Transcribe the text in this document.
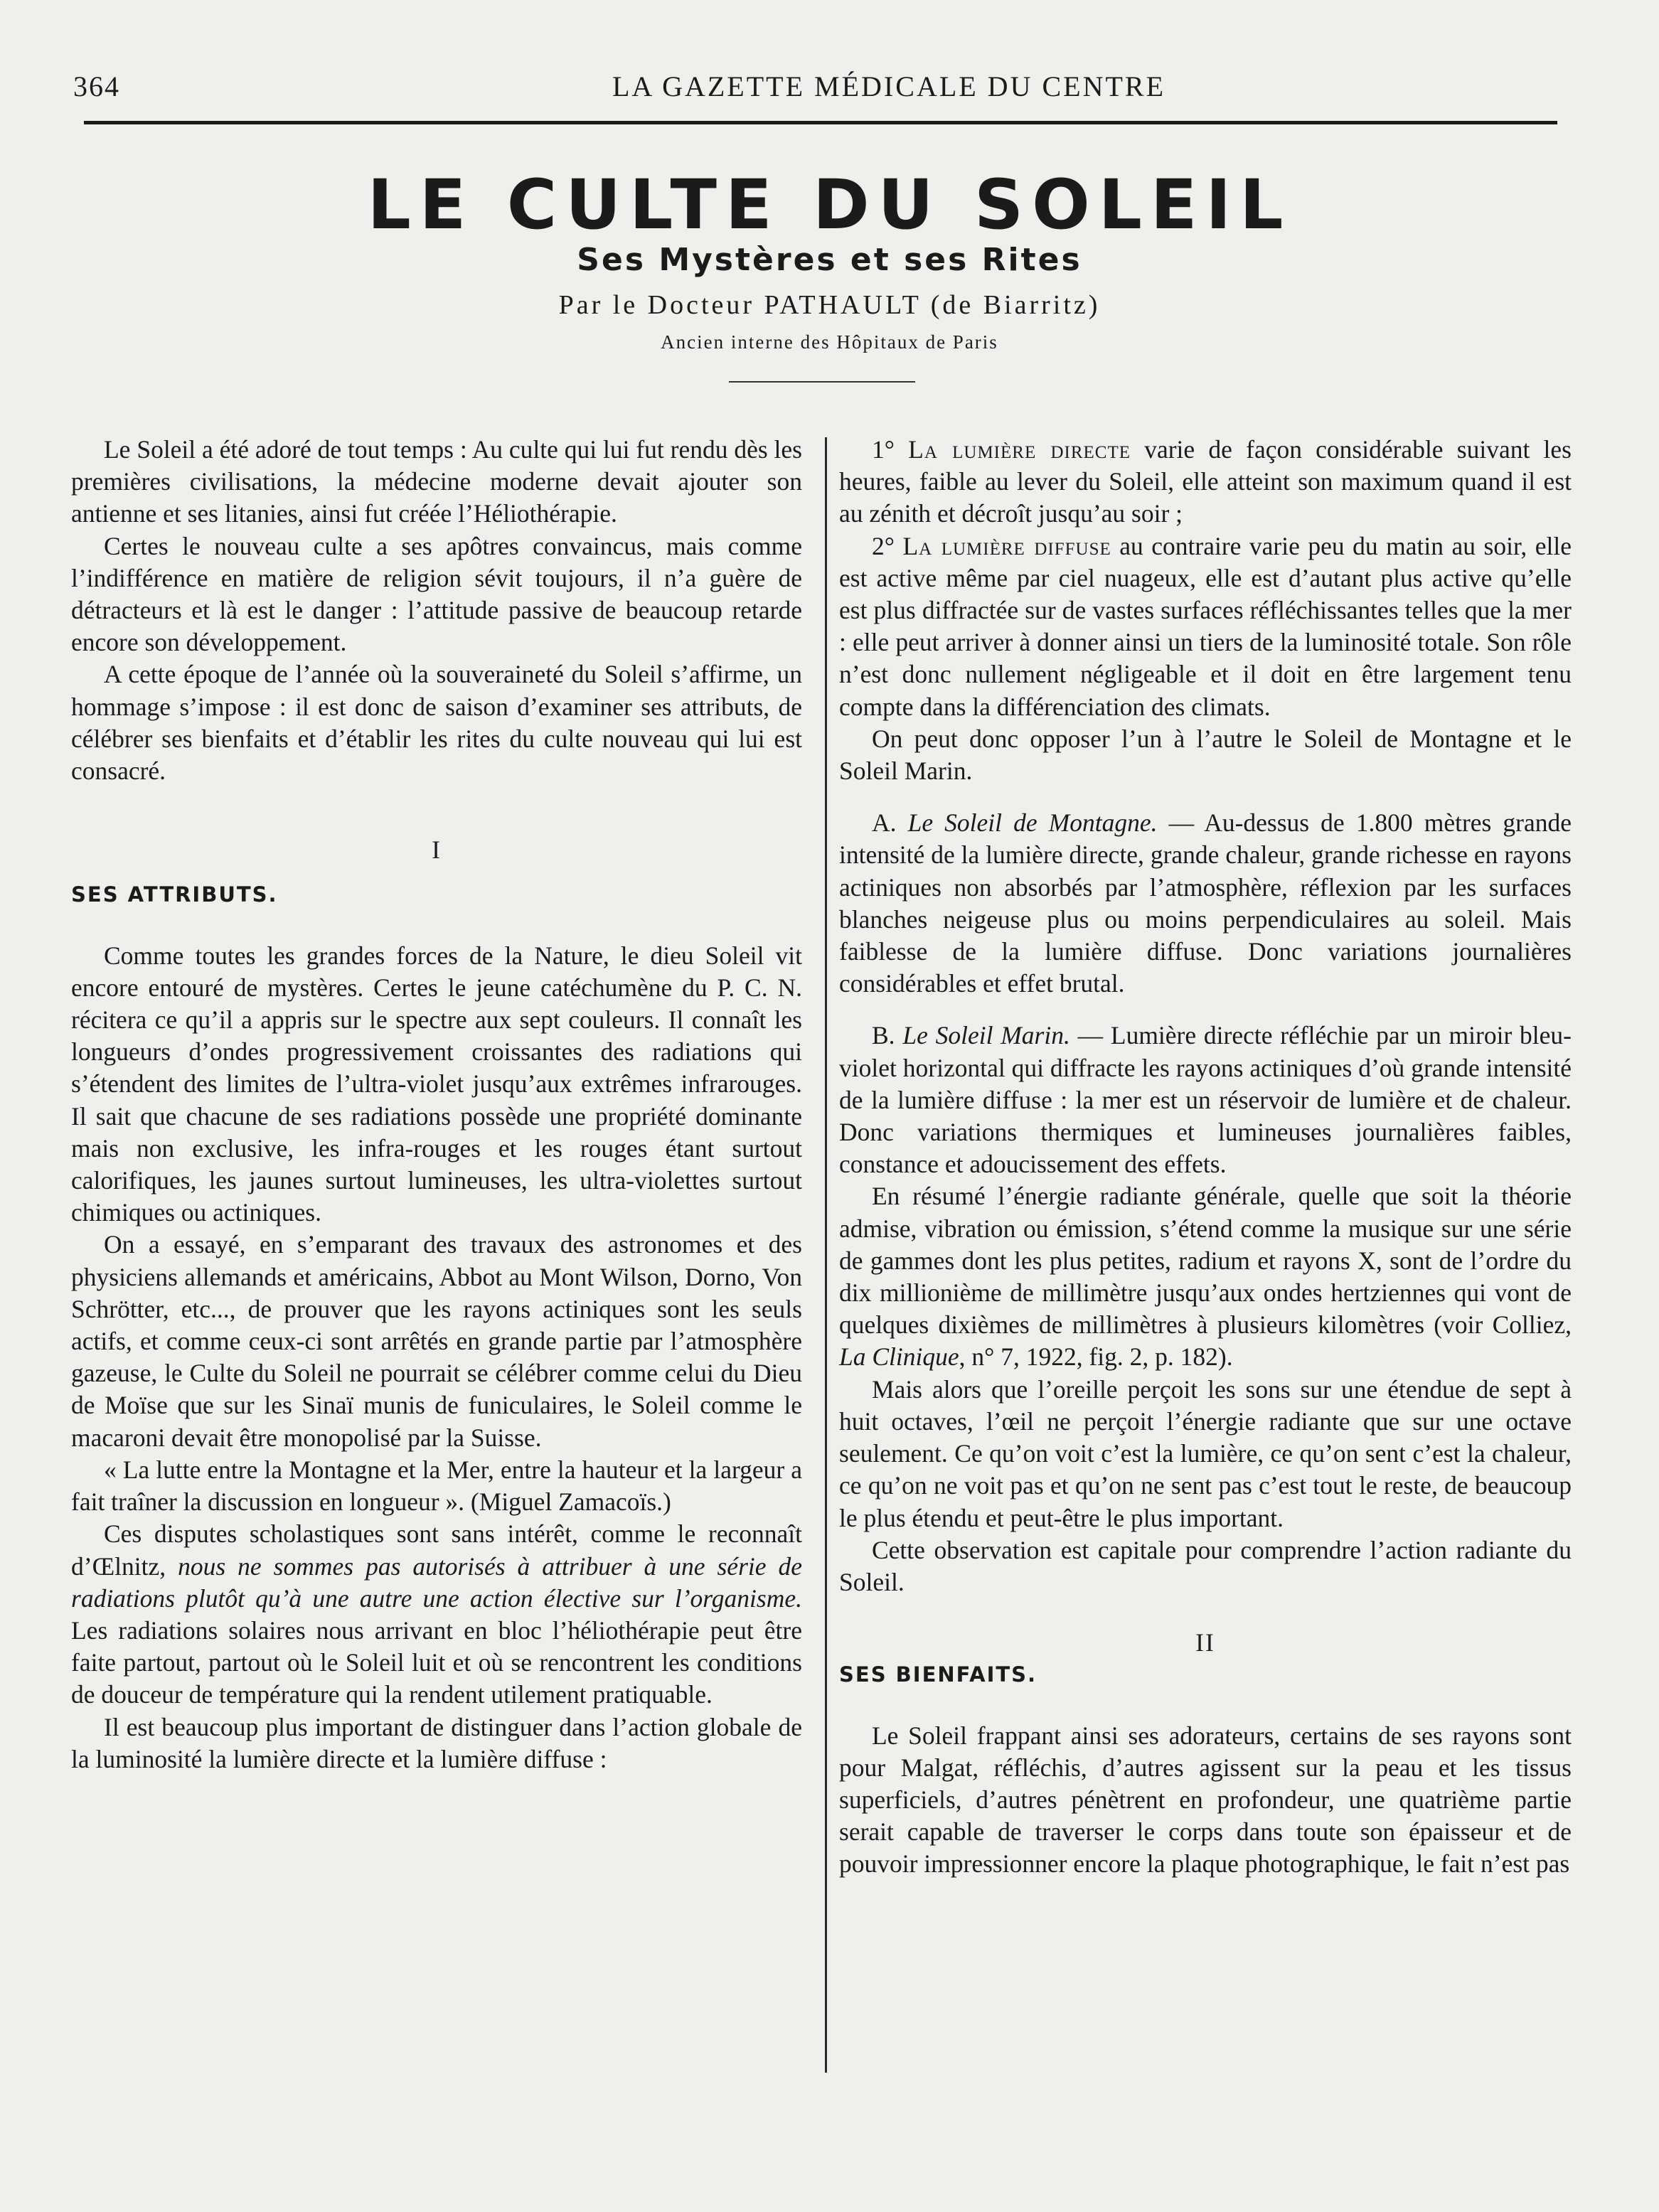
364	LA GAZETTE MÉDICALE DU CENTRE
LE CULTE DU SOLEIL
Ses Mystères et ses Rites
Par le Docteur PATHAULT (de Biarritz)
Ancien interne des Hôpitaux de Paris

Le Soleil a été adoré de tout temps : Au culte qui lui fut rendu dès les premières civilisations, la médecine moderne devait ajouter son antienne et ses litanies, ainsi fut créée l’Héliothérapie.

Certes le nouveau culte a ses apôtres convaincus, mais comme l’indifférence en matière de religion sévit toujours, il n’a guère de détracteurs et là est le danger : l’attitude passive de beaucoup retarde encore son développement.

A cette époque de l’année où la souveraineté du Soleil s’affirme, un hommage s’impose : il est donc de saison d’examiner ses attributs, de célébrer ses bienfaits et d’établir les rites du culte nouveau qui lui est consacré.

I
SES ATTRIBUTS.

Comme toutes les grandes forces de la Nature, le dieu Soleil vit encore entouré de mystères. Certes le jeune catéchumène du P. C. N. récitera ce qu’il a appris sur le spectre aux sept couleurs. Il connaît les longueurs d’ondes progressivement croissantes des radiations qui s’étendent des limites de l’ultra-violet jusqu’aux extrêmes infrarouges. Il sait que chacune de ses radiations possède une propriété dominante mais non exclusive, les infra-rouges et les rouges étant surtout calorifiques, les jaunes surtout lumineuses, les ultra-violettes surtout chimiques ou actiniques.

On a essayé, en s’emparant des travaux des astronomes et des physiciens allemands et américains, Abbot au Mont Wilson, Dorno, Von Schrötter, etc..., de prouver que les rayons actiniques sont les seuls actifs, et comme ceux-ci sont arrêtés en grande partie par l’atmosphère gazeuse, le Culte du Soleil ne pourrait se célébrer comme celui du Dieu de Moïse que sur les Sinaï munis de funiculaires, le Soleil comme le macaroni devait être monopolisé par la Suisse.

« La lutte entre la Montagne et la Mer, entre la hauteur et la largeur a fait traîner la discussion en longueur ». (Miguel Zamacoïs.)

Ces disputes scholastiques sont sans intérêt, comme le reconnaît d’Œlnitz, nous ne sommes pas autorisés à attribuer à une série de radiations plutôt qu’à une autre une action élective sur l’organisme. Les radiations solaires nous arrivant en bloc l’héliothérapie peut être faite partout, partout où le Soleil luit et où se rencontrent les conditions de douceur de température qui la rendent utilement pratiquable.

Il est beaucoup plus important de distinguer dans l’action globale de la luminosité la lumière directe et la lumière diffuse :

1° La lumière directe varie de façon considérable suivant les heures, faible au lever du Soleil, elle atteint son maximum quand il est au zénith et décroît jusqu’au soir ;

2° La lumière diffuse au contraire varie peu du matin au soir, elle est active même par ciel nuageux, elle est d’autant plus active qu’elle est plus diffractée sur de vastes surfaces réfléchissantes telles que la mer : elle peut arriver à donner ainsi un tiers de la luminosité totale. Son rôle n’est donc nullement négligeable et il doit en être largement tenu compte dans la différenciation des climats.

On peut donc opposer l’un à l’autre le Soleil de Montagne et le Soleil Marin.

A. Le Soleil de Montagne. — Au-dessus de 1.800 mètres grande intensité de la lumière directe, grande chaleur, grande richesse en rayons actiniques non absorbés par l’atmosphère, réflexion par les surfaces blanches neigeuse plus ou moins perpendiculaires au soleil. Mais faiblesse de la lumière diffuse. Donc variations journalières considérables et effet brutal.

B. Le Soleil Marin. — Lumière directe réfléchie par un miroir bleu-violet horizontal qui diffracte les rayons actiniques d’où grande intensité de la lumière diffuse : la mer est un réservoir de lumière et de chaleur. Donc variations thermiques et lumineuses journalières faibles, constance et adoucissement des effets.

En résumé l’énergie radiante générale, quelle que soit la théorie admise, vibration ou émission, s’étend comme la musique sur une série de gammes dont les plus petites, radium et rayons X, sont de l’ordre du dix millionième de millimètre jusqu’aux ondes hertziennes qui vont de quelques dixièmes de millimètres à plusieurs kilomètres (voir Colliez, La Clinique, n° 7, 1922, fig. 2, p. 182).

Mais alors que l’oreille perçoit les sons sur une étendue de sept à huit octaves, l’œil ne perçoit l’énergie radiante que sur une octave seulement. Ce qu’on voit c’est la lumière, ce qu’on sent c’est la chaleur, ce qu’on ne voit pas et qu’on ne sent pas c’est tout le reste, de beaucoup le plus étendu et peut-être le plus important.

Cette observation est capitale pour comprendre l’action radiante du Soleil.

II
SES BIENFAITS.

Le Soleil frappant ainsi ses adorateurs, certains de ses rayons sont pour Malgat, réfléchis, d’autres agissent sur la peau et les tissus superficiels, d’autres pénètrent en profondeur, une quatrième partie serait capable de traverser le corps dans toute son épaisseur et de pouvoir impressionner encore la plaque photographique, le fait n’est pas
